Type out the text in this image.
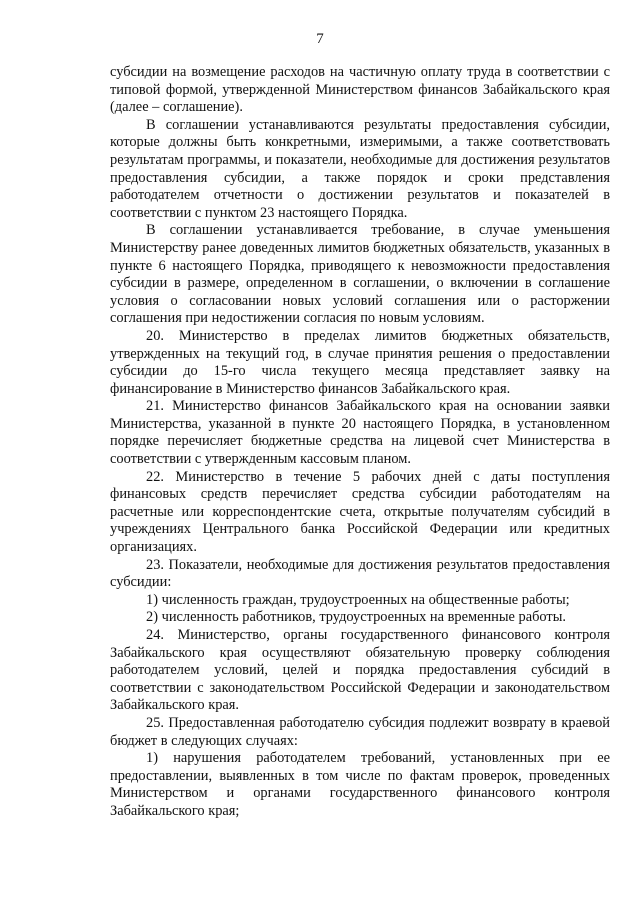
7

субсидии на возмещение расходов на частичную оплату труда в соответствии с типовой формой, утвержденной Министерством финансов Забайкальского края (далее – соглашение).

В соглашении устанавливаются результаты предоставления субсидии, которые должны быть конкретными, измеримыми, а также соответствовать результатам программы, и показатели, необходимые для достижения результатов предоставления субсидии, а также порядок и сроки представления работодателем отчетности о достижении результатов и показателей в соответствии с пунктом 23 настоящего Порядка.

В соглашении устанавливается требование, в случае уменьшения Министерству ранее доведенных лимитов бюджетных обязательств, указанных в пункте 6 настоящего Порядка, приводящего к невозможности предоставления субсидии в размере, определенном в соглашении, о включении в соглашение условия о согласовании новых условий соглашения или о расторжении соглашения при недостижении согласия по новым условиям.

20. Министерство в пределах лимитов бюджетных обязательств, утвержденных на текущий год, в случае принятия решения о предоставлении субсидии до 15-го числа текущего месяца представляет заявку на финансирование в Министерство финансов Забайкальского края.

21. Министерство финансов Забайкальского края на основании заявки Министерства, указанной в пункте 20 настоящего Порядка, в установленном порядке перечисляет бюджетные средства на лицевой счет Министерства в соответствии с утвержденным кассовым планом.

22. Министерство в течение 5 рабочих дней с даты поступления финансовых средств перечисляет средства субсидии работодателям на расчетные или корреспондентские счета, открытые получателям субсидий в учреждениях Центрального банка Российской Федерации или кредитных организациях.

23. Показатели, необходимые для достижения результатов предоставления субсидии:

1) численность граждан, трудоустроенных на общественные работы;

2) численность работников, трудоустроенных на временные работы.

24. Министерство, органы государственного финансового контроля Забайкальского края осуществляют обязательную проверку соблюдения работодателем условий, целей и порядка предоставления субсидий в соответствии с законодательством Российской Федерации и законодательством Забайкальского края.

25. Предоставленная работодателю субсидия подлежит возврату в краевой бюджет в следующих случаях:

1) нарушения работодателем требований, установленных при ее предоставлении, выявленных в том числе по фактам проверок, проведенных Министерством и органами государственного финансового контроля Забайкальского края;
